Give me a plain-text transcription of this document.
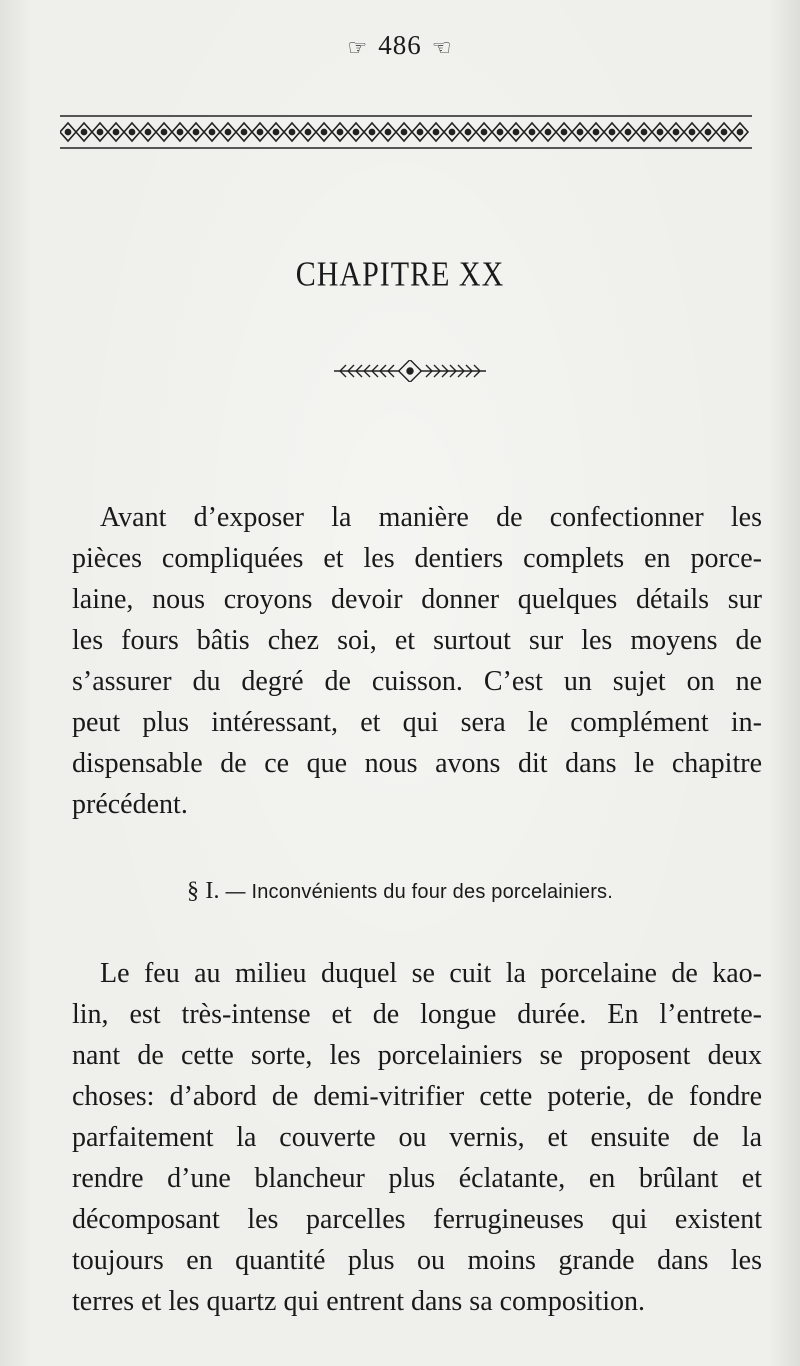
☞ 486 ☜
CHAPITRE XX
Avant d’exposer la manière de confectionner les
pièces compliquées et les dentiers complets en porce-
laine, nous croyons devoir donner quelques détails sur
les fours bâtis chez soi, et surtout sur les moyens de
s’assurer du degré de cuisson. C’est un sujet on ne
peut plus intéressant, et qui sera le complément in-
dispensable de ce que nous avons dit dans le chapitre
précédent.
§ I. — Inconvénients du four des porcelainiers.
Le feu au milieu duquel se cuit la porcelaine de kao-
lin, est très-intense et de longue durée. En l’entrete-
nant de cette sorte, les porcelainiers se proposent deux
choses: d’abord de demi-vitrifier cette poterie, de fondre
parfaitement la couverte ou vernis, et ensuite de la
rendre d’une blancheur plus éclatante, en brûlant et
décomposant les parcelles ferrugineuses qui existent
toujours en quantité plus ou moins grande dans les
terres et les quartz qui entrent dans sa composition.
